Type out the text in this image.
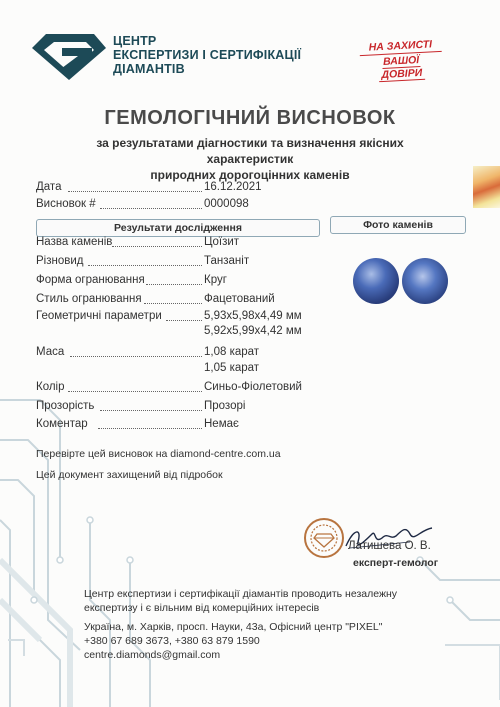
ЦЕНТР
ЕКСПЕРТИЗИ І СЕРТИФІКАЦІЇ
ДІАМАНТІВ
НА ЗАХИСТІ
ВАШОЇ
ДОВІРИ
ГЕМОЛОГІЧНИЙ ВИСНОВОК
за результатами діагностики та визначення якісних характеристик
природних дорогоцінних каменів
Дата	16.12.2021
Висновок #	0000098
Результати дослідження	Фото каменів
Назва каменів	Цоїзит
Різновид	Танзаніт
Форма огранювання	Круг
Стиль огранювання	Фацетований
Геометричні параметри	5,93x5,98x4,49 мм
5,92x5,99x4,42 мм
Маса	1,08 карат
1,05 карат
Колір	Синьо-Фіолетовий
Прозорість	Прозорі
Коментар	Немає
Перевірте цей висновок на diamond-centre.com.ua
Цей документ захищений від підробок
Латишева О. В.
експерт-гемолог
Центр експертизи і сертифікації діамантів проводить незалежну
експертизу і є вільним від комерційних інтересів
Україна, м. Харків, просп. Науки, 43а, Офісний центр "PIXEL"
+380 67 689 3673, +380 63 879 1590
centre.diamonds@gmail.com
